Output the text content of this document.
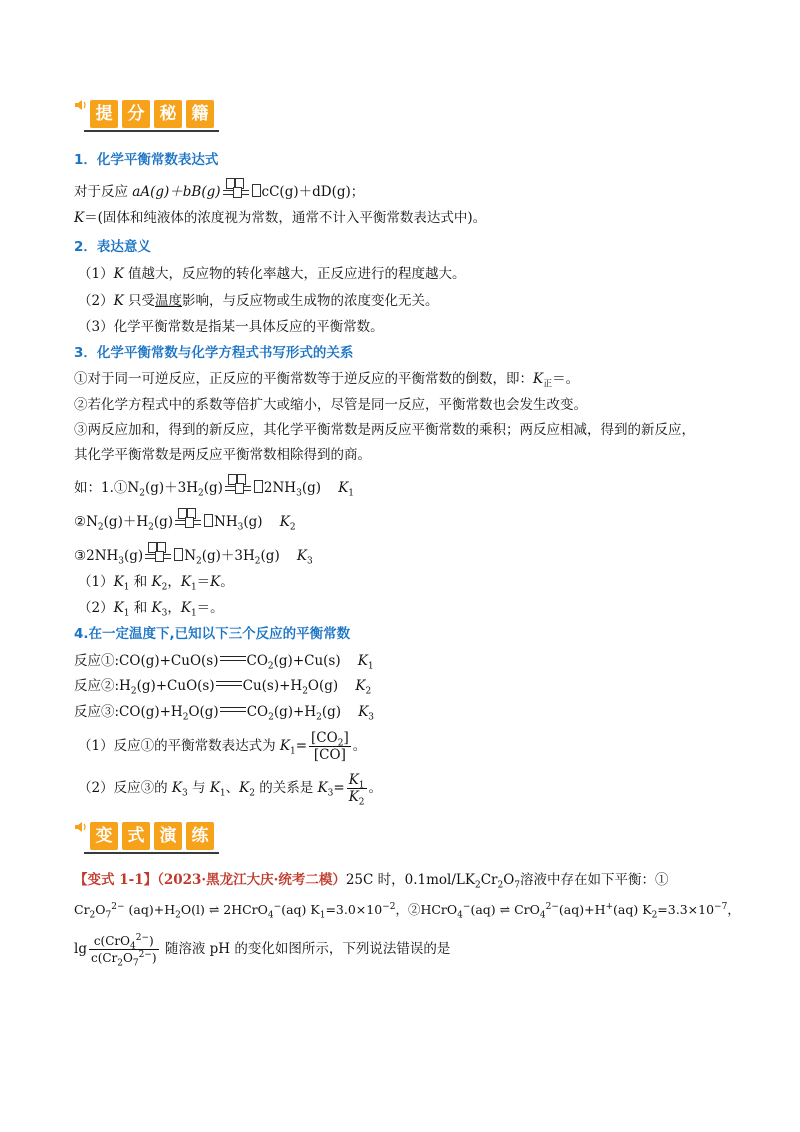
提 分 秘 籍
1．化学平衡常数表达式
对于反应 aA(g)＋bB(g) ⇌ cC(g)＋dD(g)；
K＝(固体和纯液体的浓度视为常数，通常不计入平衡常数表达式中)。
2．表达意义
（1）K 值越大，反应物的转化率越大，正反应进行的程度越大。
（2）K 只受温度影响，与反应物或生成物的浓度变化无关。
（3）化学平衡常数是指某一具体反应的平衡常数。
3．化学平衡常数与化学方程式书写形式的关系
①对于同一可逆反应，正反应的平衡常数等于逆反应的平衡常数的倒数，即：$K_正=$。
②若化学方程式中的系数等倍扩大或缩小，尽管是同一反应，平衡常数也会发生改变。
③两反应加和，得到的新反应，其化学平衡常数是两反应平衡常数的乘积；两反应相减，得到的新反应，
其化学平衡常数是两反应平衡常数相除得到的商。
如：$1.①N_2(g)+3H_2(g)$ ⇌ $2NH_3(g)$ $K_1$
$②N_2(g)+H_2(g)$ ⇌ $NH_3(g)$ $K_2$
$③2NH_3(g)$ ⇌ $N_2(g)+3H_2(g)$ $K_3$
$(1)K_1$ 和 $K_2$，$K_1=K$。
$(2)K_1$ 和 $K_3$，$K_1=$。
4.在一定温度下,已知以下三个反应的平衡常数
反应①:CO(g)+CuO(s) $CO_2(g)+Cu(s)$ $K_1$
反应$②:H_2(g)+CuO(s)$ $Cu(s)+H_2O(g)$ $K_2$
反应$③:CO(g)+H_2O(g)$ $CO_2(g)+H_2(g)$ $K_3$
（1）反应①的平衡常数表达式为 $K_1= \frac{[CO_2]}{[CO]}$ 。
（2）反应③的 $K_3$ 与 $K_1$、$K_2$ 的关系是 $K_3= \frac{K_1}{K_2}$ 。
变 式 演 练
【变式 1-1】（2023·黑龙江大庆·统考二模）25C 时，$0.1mol/LK_2Cr_2O_7$溶液中存在如下平衡：①
$Cr_2O_7^{2-}$ $(aq)+H_2O(l)$ ⇌ 2HCrO$_4$−(aq) $K_1=3.0\times 10^{-2}$，②HCrO$_4$−(aq) ⇌ CrO$_4^{2-}$(aq)+H+(aq) $K_2=3.3\times 10^{-7}$，
$\lg \frac{c(CrO_4^{2-})}{c(Cr_2O_7^{2-})}$ 随溶液 pH 的变化如图所示，下列说法错误的是
